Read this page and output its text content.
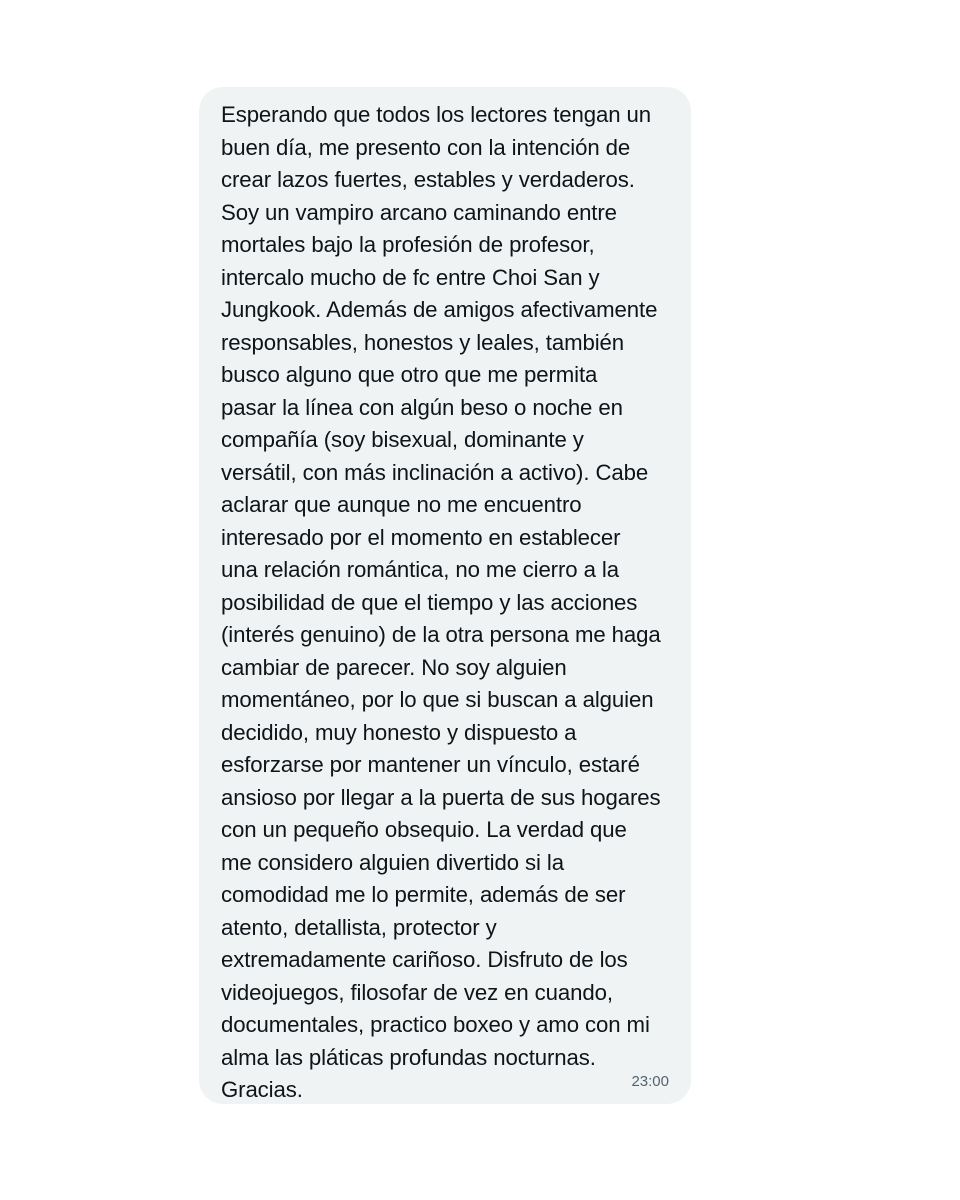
Esperando que todos los lectores tengan un
buen día, me presento con la intención de
crear lazos fuertes, estables y verdaderos.
Soy un vampiro arcano caminando entre
mortales bajo la profesión de profesor,
intercalo mucho de fc entre Choi San y
Jungkook. Además de amigos afectivamente
responsables, honestos y leales, también
busco alguno que otro que me permita
pasar la línea con algún beso o noche en
compañía (soy bisexual, dominante y
versátil, con más inclinación a activo). Cabe
aclarar que aunque no me encuentro
interesado por el momento en establecer
una relación romántica, no me cierro a la
posibilidad de que el tiempo y las acciones
(interés genuino) de la otra persona me haga
cambiar de parecer. No soy alguien
momentáneo, por lo que si buscan a alguien
decidido, muy honesto y dispuesto a
esforzarse por mantener un vínculo, estaré
ansioso por llegar a la puerta de sus hogares
con un pequeño obsequio. La verdad que
me considero alguien divertido si la
comodidad me lo permite, además de ser
atento, detallista, protector y
extremadamente cariñoso. Disfruto de los
videojuegos, filosofar de vez en cuando,
documentales, practico boxeo y amo con mi
alma las pláticas profundas nocturnas.
Gracias.	23:00
